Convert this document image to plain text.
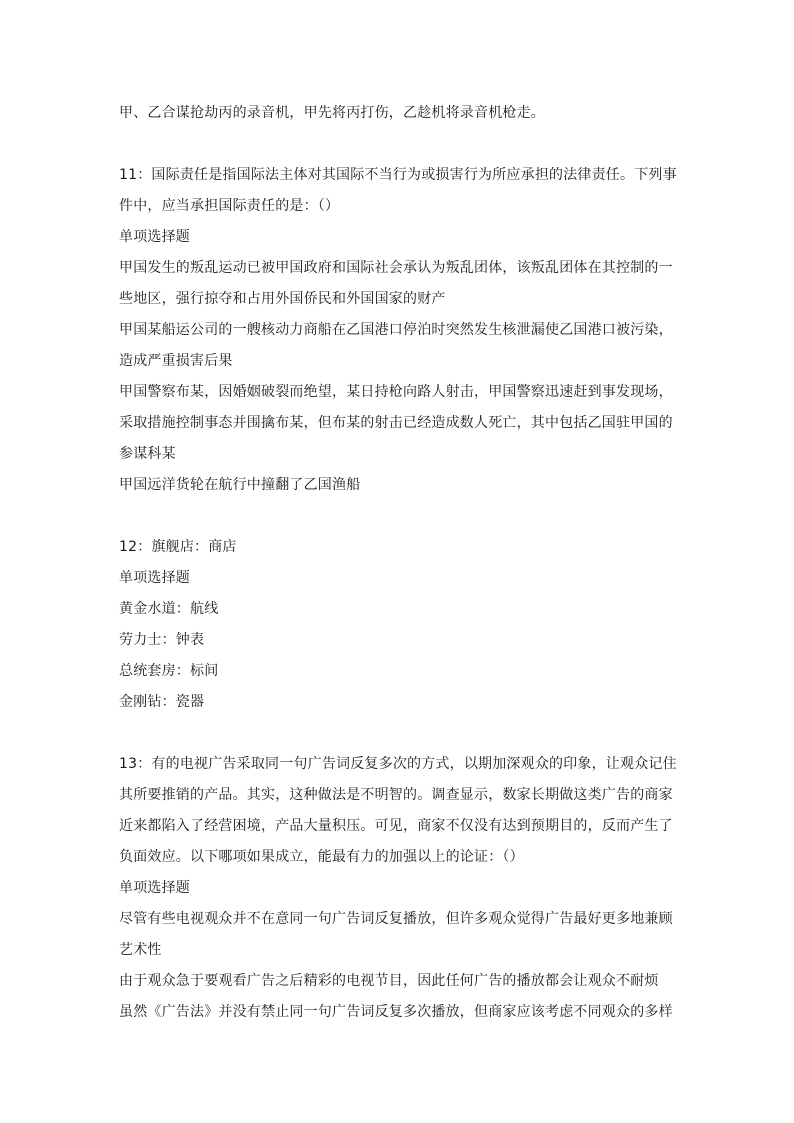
甲、乙合谋抢劫丙的录音机，甲先将丙打伤，乙趁机将录音机枪走。
11：国际责任是指国际法主体对其国际不当行为或损害行为所应承担的法律责任。下列事
件中，应当承担国际责任的是：（）
单项选择题
甲国发生的叛乱运动已被甲国政府和国际社会承认为叛乱团体，该叛乱团体在其控制的一
些地区，强行掠夺和占用外国侨民和外国国家的财产
甲国某船运公司的一艘核动力商船在乙国港口停泊时突然发生核泄漏使乙国港口被污染，
造成严重损害后果
甲国警察布某，因婚姻破裂而绝望，某日持枪向路人射击，甲国警察迅速赶到事发现场，
采取措施控制事态并围擒布某，但布某的射击已经造成数人死亡，其中包括乙国驻甲国的
参谋科某
甲国远洋货轮在航行中撞翻了乙国渔船
12：旗舰店：商店
单项选择题
黄金水道：航线
劳力士：钟表
总统套房：标间
金刚钻：瓷器
13：有的电视广告采取同一句广告词反复多次的方式，以期加深观众的印象，让观众记住
其所要推销的产品。其实，这种做法是不明智的。调查显示，数家长期做这类广告的商家
近来都陷入了经营困境，产品大量积压。可见，商家不仅没有达到预期目的，反而产生了
负面效应。以下哪项如果成立，能最有力的加强以上的论证：（）
单项选择题
尽管有些电视观众并不在意同一句广告词反复播放，但许多观众觉得广告最好更多地兼顾
艺术性
由于观众急于要观看广告之后精彩的电视节目，因此任何广告的播放都会让观众不耐烦
虽然《广告法》并没有禁止同一句广告词反复多次播放，但商家应该考虑不同观众的多样
